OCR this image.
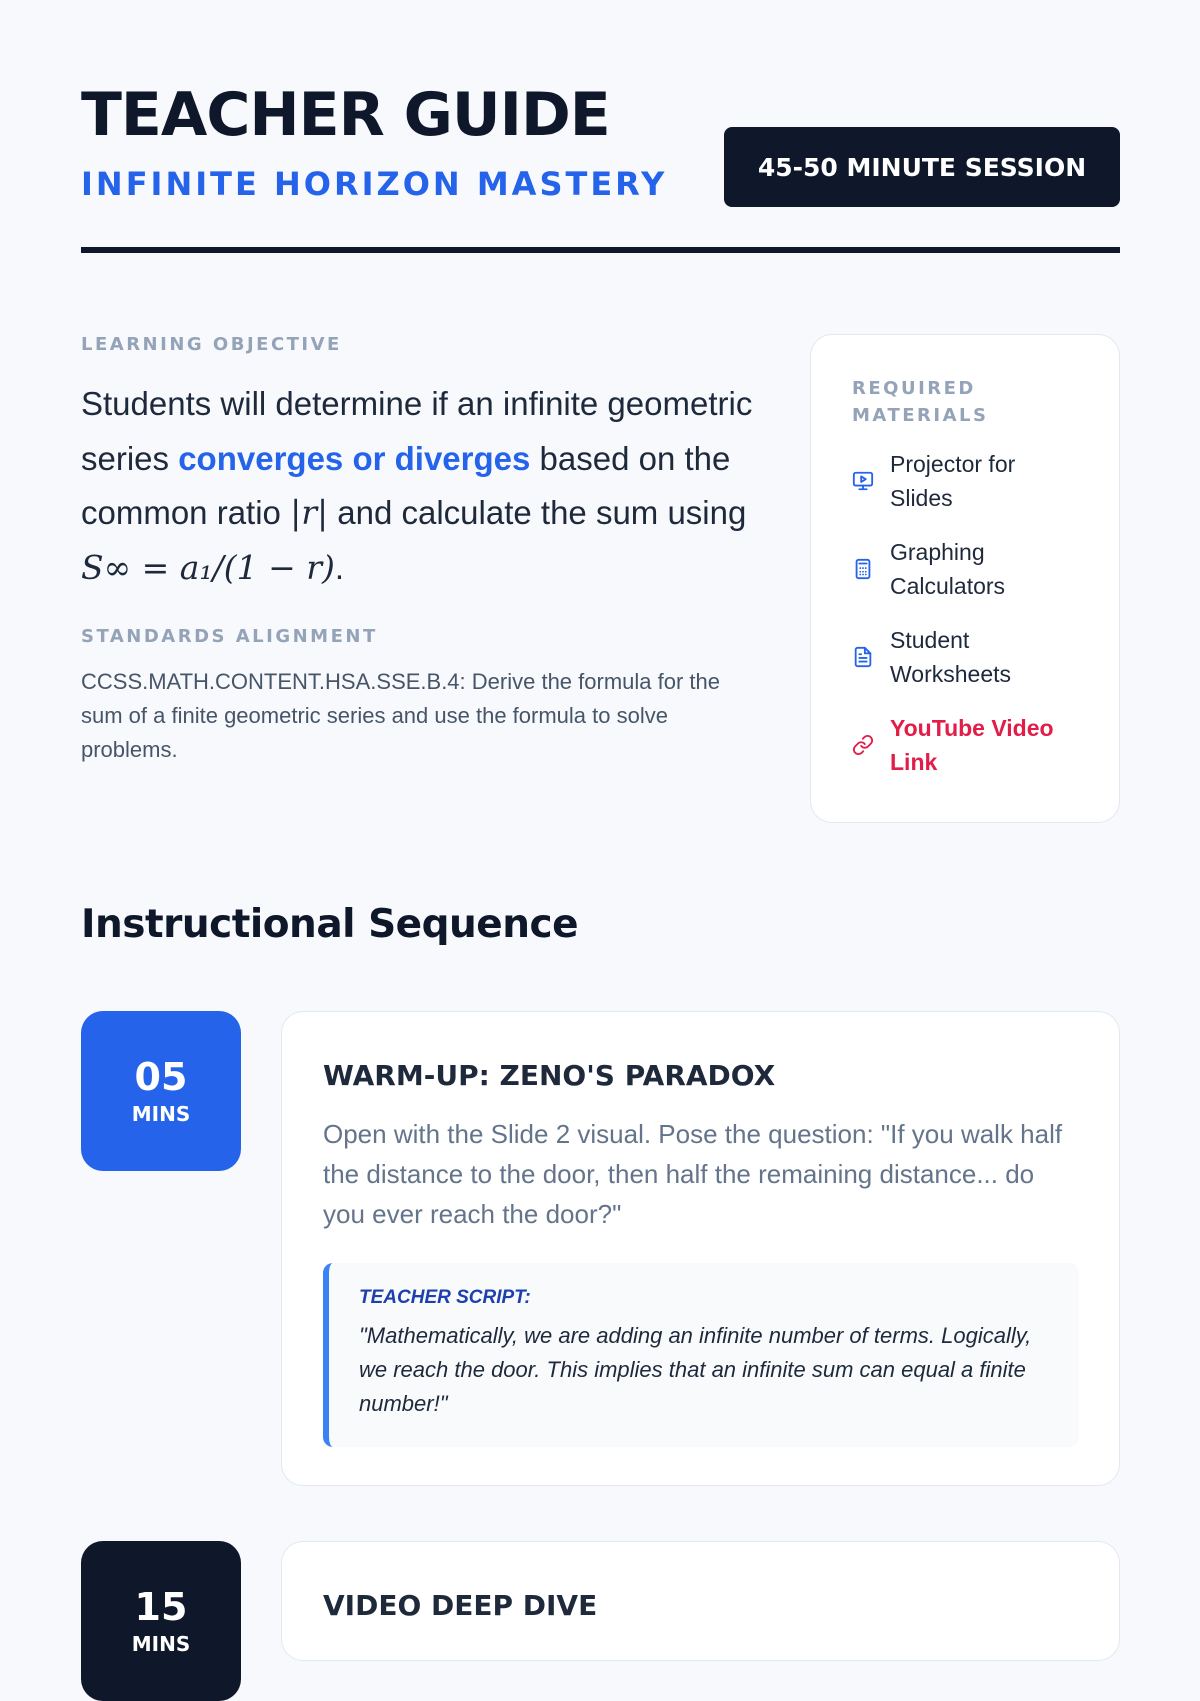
TEACHER GUIDE
INFINITE HORIZON MASTERY	45-50 MINUTE SESSION
LEARNING OBJECTIVE

Students will determine if an infinite geometric series converges or diverges based on the common ratio |r| and calculate the sum using S∞ = a₁/(1 − r).

STANDARDS ALIGNMENT

CCSS.MATH.CONTENT.HSA.SSE.B.4: Derive the formula for the sum of a finite geometric series and use the formula to solve problems.

REQUIRED MATERIALS
Projector for Slides
Graphing Calculators
Student Worksheets
YouTube Video Link
Instructional Sequence
05
MINS
WARM-UP: ZENO'S PARADOX

Open with the Slide 2 visual. Pose the question: "If you walk half the distance to the door, then half the remaining distance... do you ever reach the door?"

TEACHER SCRIPT:

"Mathematically, we are adding an infinite number of terms. Logically, we reach the door. This implies that an infinite sum can equal a finite number!"

15
MINS
VIDEO DEEP DIVE
